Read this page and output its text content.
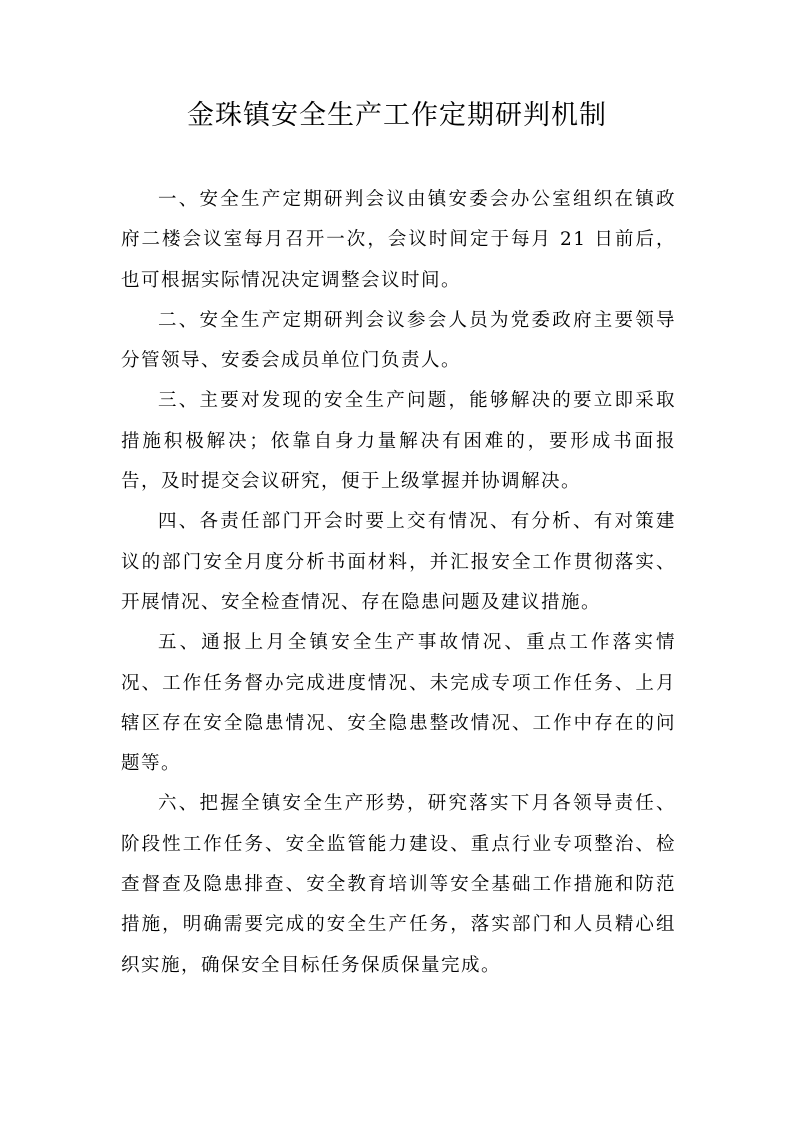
金珠镇安全生产工作定期研判机制

一、安全生产定期研判会议由镇安委会办公室组织在镇政府二楼会议室每月召开一次，会议时间定于每月 21 日前后，也可根据实际情况决定调整会议时间。

二、安全生产定期研判会议参会人员为党委政府主要领导分管领导、安委会成员单位门负责人。

三、主要对发现的安全生产问题，能够解决的要立即采取措施积极解决；依靠自身力量解决有困难的，要形成书面报告，及时提交会议研究，便于上级掌握并协调解决。

四、各责任部门开会时要上交有情况、有分析、有对策建议的部门安全月度分析书面材料，并汇报安全工作贯彻落实、开展情况、安全检查情况、存在隐患问题及建议措施。

五、通报上月全镇安全生产事故情况、重点工作落实情况、工作任务督办完成进度情况、未完成专项工作任务、上月辖区存在安全隐患情况、安全隐患整改情况、工作中存在的问题等。

六、把握全镇安全生产形势，研究落实下月各领导责任、阶段性工作任务、安全监管能力建设、重点行业专项整治、检查督查及隐患排查、安全教育培训等安全基础工作措施和防范措施，明确需要完成的安全生产任务，落实部门和人员精心组织实施，确保安全目标任务保质保量完成。
